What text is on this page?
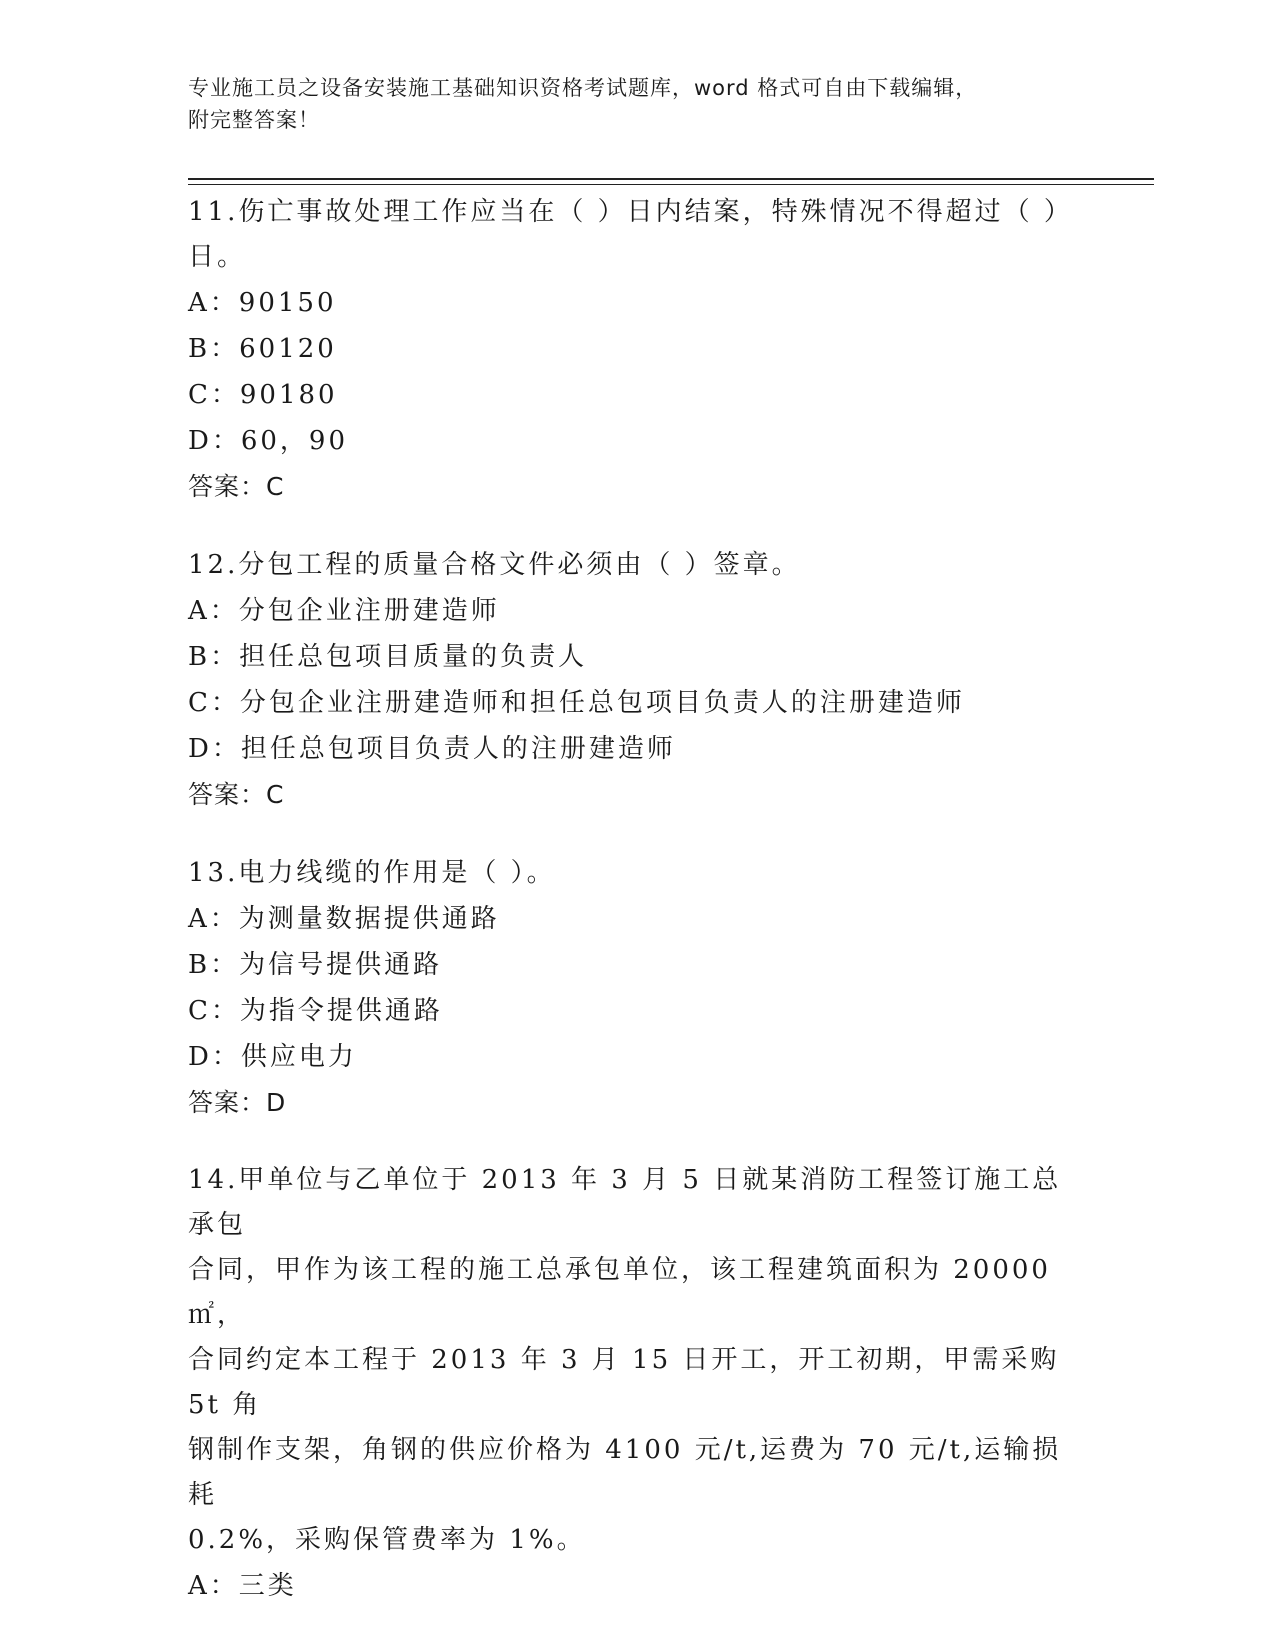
专业施工员之设备安装施工基础知识资格考试题库，word 格式可自由下载编辑，
附完整答案！
11.伤亡事故处理工作应当在（ ）日内结案，特殊情况不得超过（ ）
日。
A：90150
B：60120
C：90180
D：60，90
答案：C
12.分包工程的质量合格文件必须由（ ）签章。
A：分包企业注册建造师
B：担任总包项目质量的负责人
C：分包企业注册建造师和担任总包项目负责人的注册建造师
D：担任总包项目负责人的注册建造师
答案：C
13.电力线缆的作用是（ ）。
A：为测量数据提供通路
B：为信号提供通路
C：为指令提供通路
D：供应电力
答案：D
14.甲单位与乙单位于 2013 年 3 月 5 日就某消防工程签订施工总承包
合同，甲作为该工程的施工总承包单位，该工程建筑面积为 20000㎡，
合同约定本工程于 2013 年 3 月 15 日开工，开工初期，甲需采购 5t 角
钢制作支架，角钢的供应价格为 4100 元/t,运费为 70 元/t,运输损耗
0.2%，采购保管费率为 1%。
A：三类
